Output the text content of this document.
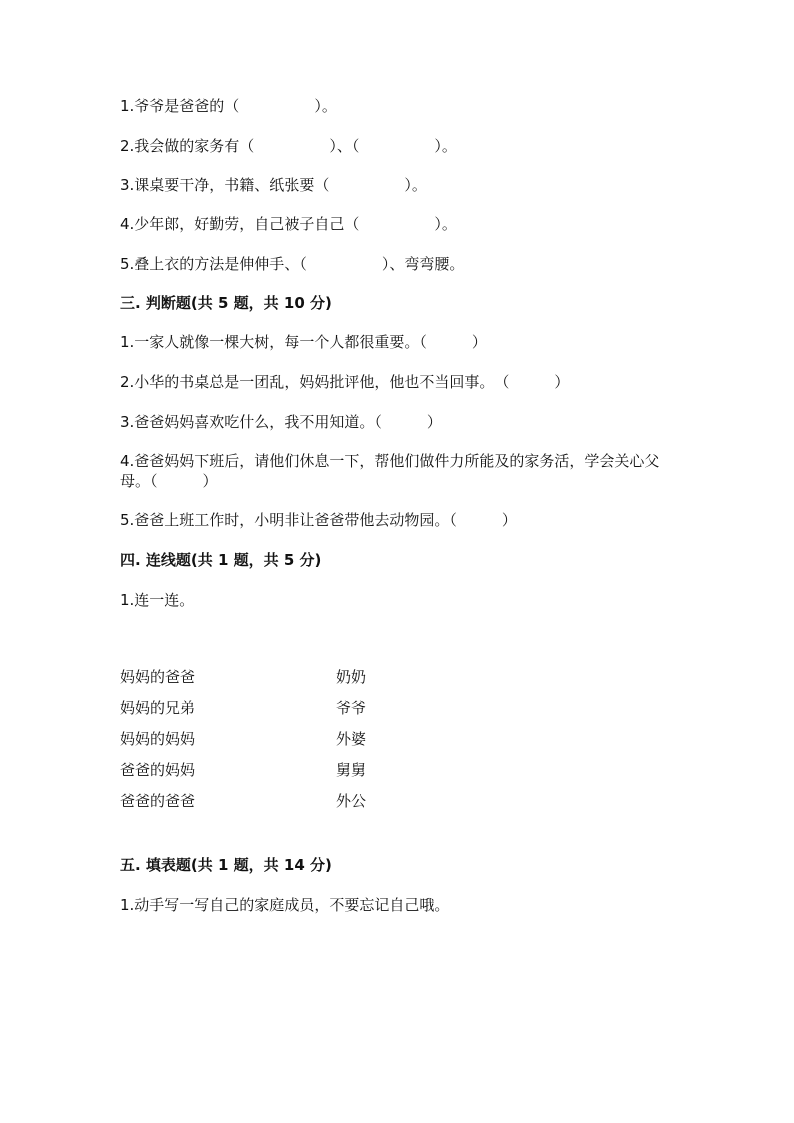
1.爷爷是爸爸的（　　　　　）。
2.我会做的家务有（　　　　　）、（　　　　　）。
3.课桌要干净，书籍、纸张要（　　　　　）。
4.少年郎，好勤劳，自己被子自己（　　　　　）。
5.叠上衣的方法是伸伸手、（　　　　　）、弯弯腰。
三. 判断题(共 5 题，共 10 分)
1.一家人就像一棵大树，每一个人都很重要。（　　　）
2.小华的书桌总是一团乱，妈妈批评他，他也不当回事。　（　　　）
3.爸爸妈妈喜欢吃什么，我不用知道。（　　　）
4.爸爸妈妈下班后，请他们休息一下，帮他们做件力所能及的家务活，学会关心父母。（　　　）
5.爸爸上班工作时，小明非让爸爸带他去动物园。（　　　）
四. 连线题(共 1 题，共 5 分)
1.连一连。
妈妈的爸爸
妈妈的兄弟
妈妈的妈妈
爸爸的妈妈
爸爸的爸爸
奶奶
爷爷
外婆
舅舅
外公
五. 填表题(共 1 题，共 14 分)
1.动手写一写自己的家庭成员，不要忘记自己哦。
